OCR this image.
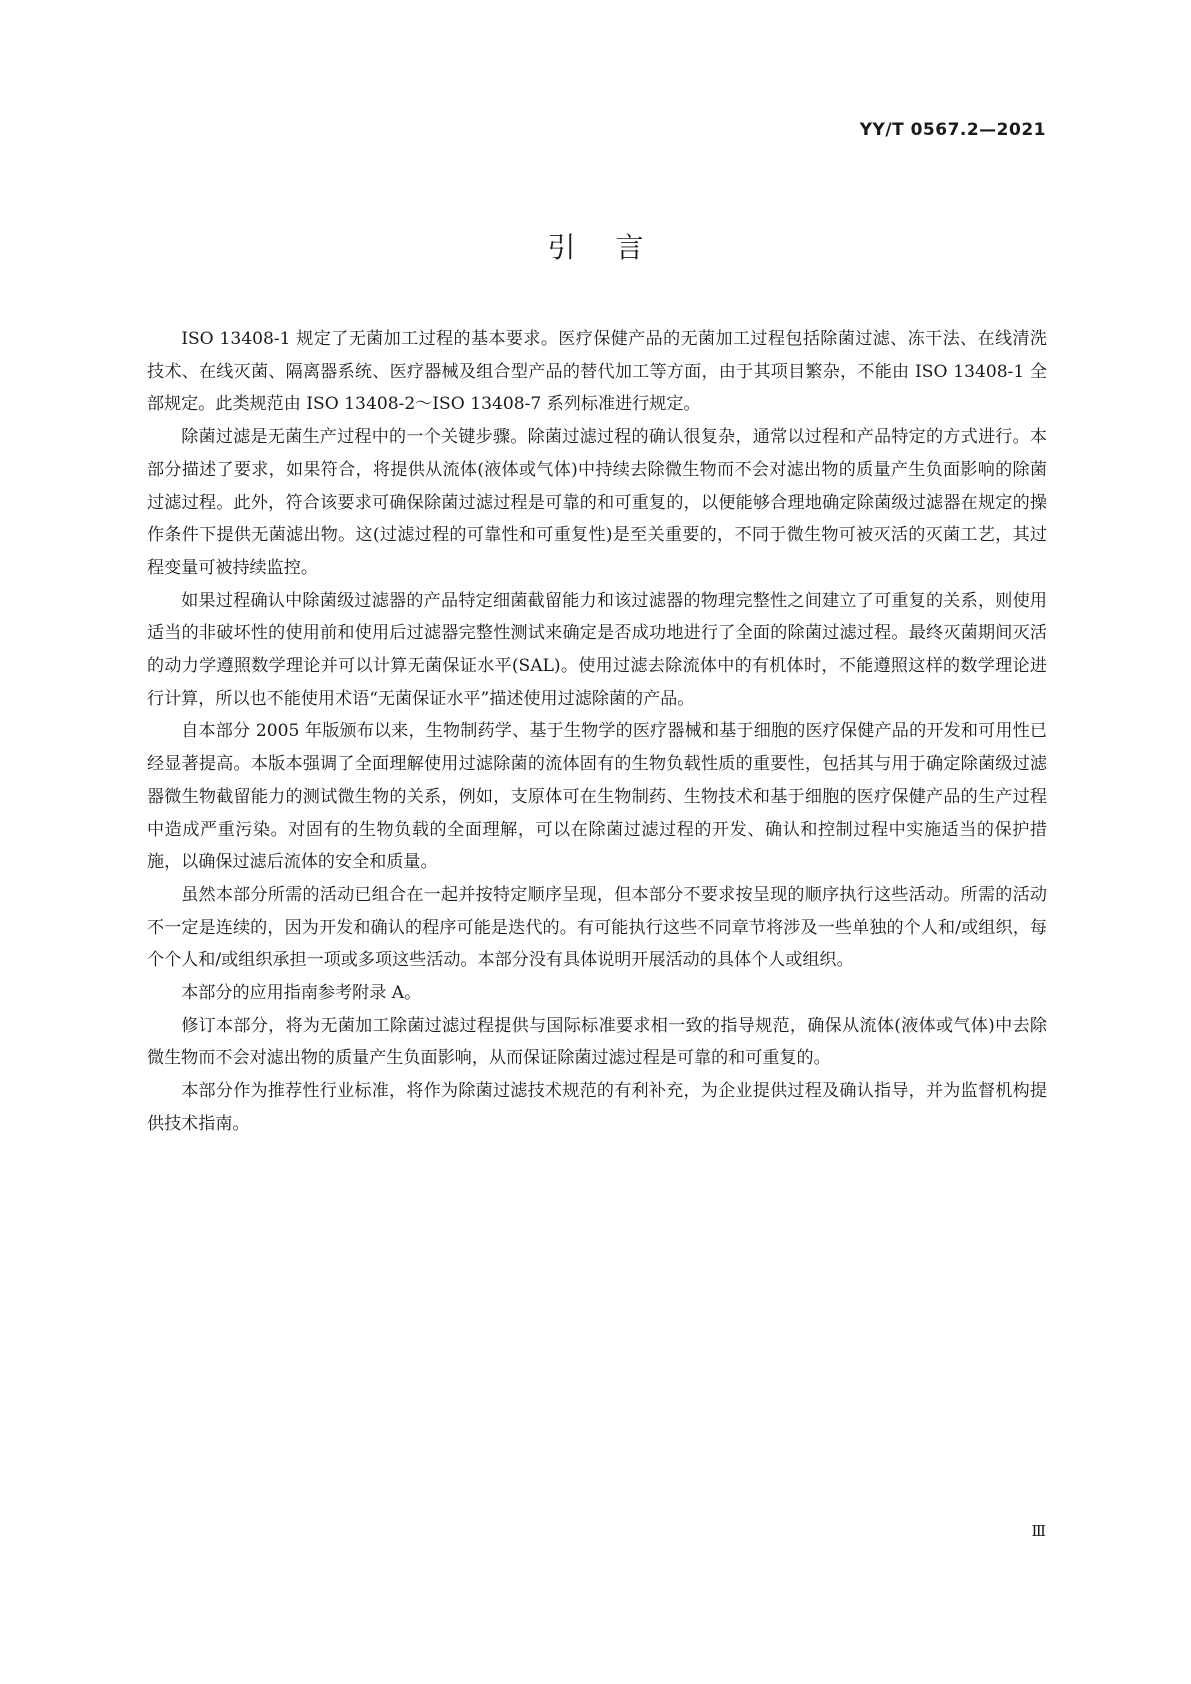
YY/T 0567.2—2021
引言

ISO 13408-1 规定了无菌加工过程的基本要求。医疗保健产品的无菌加工过程包括除菌过滤、冻干法、在线清洗技术、在线灭菌、隔离器系统、医疗器械及组合型产品的替代加工等方面，由于其项目繁杂，不能由 ISO 13408-1 全部规定。此类规范由 ISO 13408-2～ISO 13408-7 系列标准进行规定。

除菌过滤是无菌生产过程中的一个关键步骤。除菌过滤过程的确认很复杂，通常以过程和产品特定的方式进行。本部分描述了要求，如果符合，将提供从流体(液体或气体)中持续去除微生物而不会对滤出物的质量产生负面影响的除菌过滤过程。此外，符合该要求可确保除菌过滤过程是可靠的和可重复的，以便能够合理地确定除菌级过滤器在规定的操作条件下提供无菌滤出物。这(过滤过程的可靠性和可重复性)是至关重要的，不同于微生物可被灭活的灭菌工艺，其过程变量可被持续监控。

如果过程确认中除菌级过滤器的产品特定细菌截留能力和该过滤器的物理完整性之间建立了可重复的关系，则使用适当的非破坏性的使用前和使用后过滤器完整性测试来确定是否成功地进行了全面的除菌过滤过程。最终灭菌期间灭活的动力学遵照数学理论并可以计算无菌保证水平(SAL)。使用过滤去除流体中的有机体时，不能遵照这样的数学理论进行计算，所以也不能使用术语“无菌保证水平”描述使用过滤除菌的产品。

自本部分 2005 年版颁布以来，生物制药学、基于生物学的医疗器械和基于细胞的医疗保健产品的开发和可用性已经显著提高。本版本强调了全面理解使用过滤除菌的流体固有的生物负载性质的重要性，包括其与用于确定除菌级过滤器微生物截留能力的测试微生物的关系，例如，支原体可在生物制药、生物技术和基于细胞的医疗保健产品的生产过程中造成严重污染。对固有的生物负载的全面理解，可以在除菌过滤过程的开发、确认和控制过程中实施适当的保护措施，以确保过滤后流体的安全和质量。

虽然本部分所需的活动已组合在一起并按特定顺序呈现，但本部分不要求按呈现的顺序执行这些活动。所需的活动不一定是连续的，因为开发和确认的程序可能是迭代的。有可能执行这些不同章节将涉及一些单独的个人和/或组织，每个个人和/或组织承担一项或多项这些活动。本部分没有具体说明开展活动的具体个人或组织。

本部分的应用指南参考附录 A。

修订本部分，将为无菌加工除菌过滤过程提供与国际标准要求相一致的指导规范，确保从流体(液体或气体)中去除微生物而不会对滤出物的质量产生负面影响，从而保证除菌过滤过程是可靠的和可重复的。

本部分作为推荐性行业标准，将作为除菌过滤技术规范的有利补充，为企业提供过程及确认指导，并为监督机构提供技术指南。

Ⅲ
